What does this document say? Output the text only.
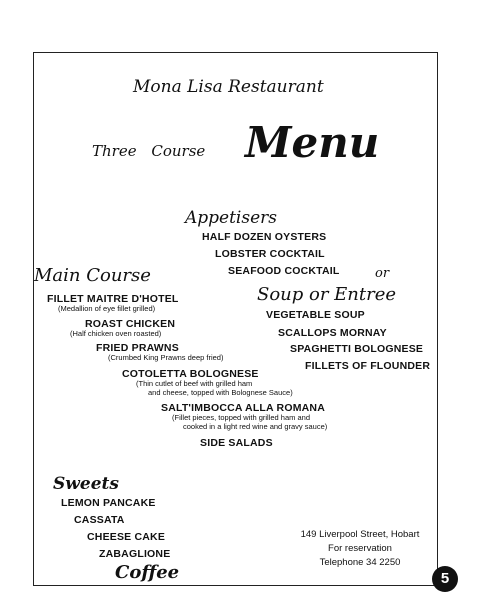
Mona Lisa Restaurant
Three Course Menu
Appetisers
HALF DOZEN OYSTERS
LOBSTER COCKTAIL
SEAFOOD COCKTAIL	or
Soup or Entree
VEGETABLE SOUP
SCALLOPS MORNAY
SPAGHETTI BOLOGNESE
FILLETS OF FLOUNDER
Main Course
FILLET MAITRE D'HOTEL
(Medallion of eye fillet grilled)
ROAST CHICKEN
(Half chicken oven roasted)
FRIED PRAWNS
(Crumbed King Prawns deep fried)
COTOLETTA BOLOGNESE
(Thin cutlet of beef with grilled ham
and cheese, topped with Bolognese Sauce)
SALT'IMBOCCA ALLA ROMANA
(Fillet pieces, topped with grilled ham and
cooked in a light red wine and gravy sauce)
SIDE SALADS
Sweets
LEMON PANCAKE
CASSATA
CHEESE CAKE
ZABAGLIONE
Coffee
149 Liverpool Street, Hobart
For reservation
Telephone 34 2250
5
